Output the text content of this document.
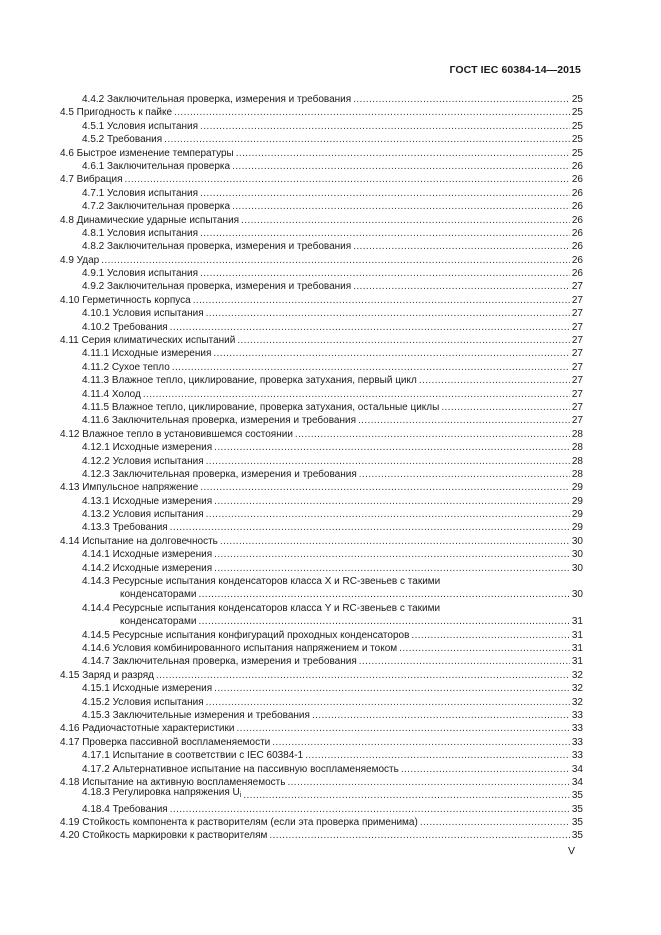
ГОСТ IEC 60384-14—2015
4.4.2 Заключительная проверка, измерения и требования .....	25
4.5 Пригодность к пайке .....	25
4.5.1 Условия испытания .....	25
4.5.2 Требования .....	25
4.6 Быстрое изменение температуры .....	25
4.6.1 Заключительная проверка .....	26
4.7 Вибрация .....	26
4.7.1 Условия испытания .....	26
4.7.2 Заключительная проверка .....	26
4.8 Динамические ударные испытания .....	26
4.8.1 Условия испытания .....	26
4.8.2 Заключительная проверка, измерения и требования .....	26
4.9 Удар .....	26
4.9.1 Условия испытания .....	26
4.9.2 Заключительная проверка, измерения и требования .....	27
4.10 Герметичность корпуса .....	27
4.10.1 Условия испытания .....	27
4.10.2 Требования .....	27
4.11 Серия климатических испытаний .....	27
4.11.1 Исходные измерения .....	27
4.11.2 Сухое тепло .....	27
4.11.3 Влажное тепло, циклирование, проверка затухания, первый цикл .....	27
4.11.4 Холод .....	27
4.11.5 Влажное тепло, циклирование, проверка затухания, остальные циклы .....	27
4.11.6 Заключительная проверка, измерения и требования .....	27
4.12 Влажное тепло в установившемся состоянии .....	28
4.12.1 Исходные измерения .....	28
4.12.2 Условия испытания .....	28
4.12.3 Заключительная проверка, измерения и требования .....	28
4.13 Импульсное напряжение .....	29
4.13.1 Исходные измерения .....	29
4.13.2 Условия испытания .....	29
4.13.3 Требования .....	29
4.14 Испытание на долговечность .....	30
4.14.1 Исходные измерения .....	30
4.14.2 Исходные измерения .....	30
4.14.3 Ресурсные испытания конденсаторов класса X и RC-звеньев с такими
конденсаторами .....	30
4.14.4 Ресурсные испытания конденсаторов класса Y и RC-звеньев с такими
конденсаторами .....	31
4.14.5 Ресурсные испытания конфигураций проходных конденсаторов .....	31
4.14.6 Условия комбинированного испытания напряжением и током .....	31
4.14.7 Заключительная проверка, измерения и требования .....	31
4.15 Заряд и разряд .....	32
4.15.1 Исходные измерения .....	32
4.15.2 Условия испытания .....	32
4.15.3 Заключительные измерения и требования .....	33
4.16 Радиочастотные характеристики .....	33
4.17 Проверка пассивной воспламеняемости .....	33
4.17.1 Испытание в соответствии с IEC 60384-1 .....	33
4.17.2 Альтернативное испытание на пассивную воспламеняемость .....	34
4.18 Испытание на активную воспламеняемость .....	34
4.18.3 Регулировка напряжения $U_i$ .....	35
4.18.4 Требования .....	35
4.19 Стойкость компонента к растворителям (если эта проверка применима) .....	35
4.20 Стойкость маркировки к растворителям .....	35
V
